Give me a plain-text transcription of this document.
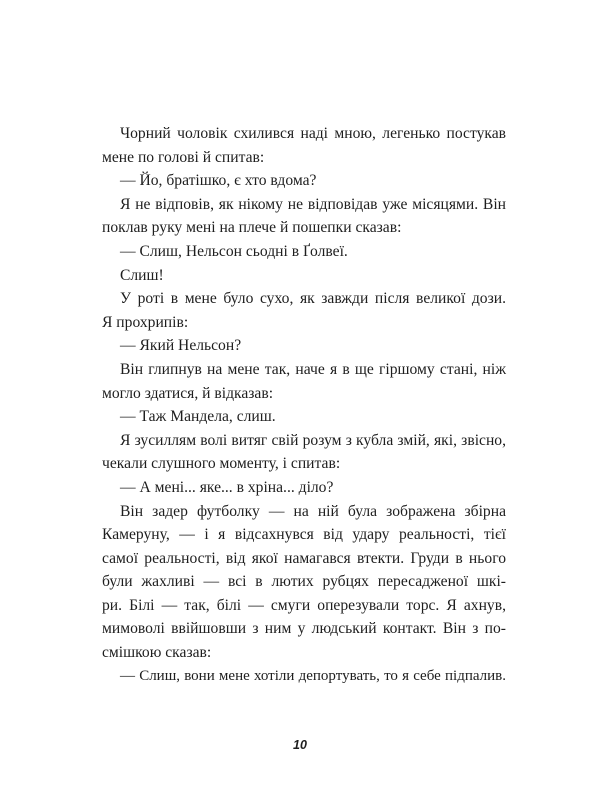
Чорний чоловік схилився наді мною, легенько постукав
мене по голові й спитав:
— Йо, братішко, є хто вдома?
Я не відповів, як нікому не відповідав уже місяцями. Він
поклав руку мені на плече й пошепки сказав:
— Слиш, Нельсон сьодні в Ґолвеї.
Слиш!
У роті в мене було сухо, як завжди після великої дози.
Я прохрипів:
— Який Нельсон?
Він глипнув на мене так, наче я в ще гіршому стані, ніж
могло здатися, й відказав:
— Таж Мандела, слиш.
Я зусиллям волі витяг свій розум з кубла змій, які, звісно,
чекали слушного моменту, і спитав:
— А мені... яке... в хріна... діло?
Він задер футболку — на ній була зображена збірна
Камеруну, — і я відсахнувся від удару реальності, тієї
самої реальності, від якої намагався втекти. Груди в нього
були жахливі — всі в лютих рубцях пересадженої шкі-
ри. Білі — так, білі — смуги оперезували торс. Я ахнув,
мимоволі ввійшовши з ним у людський контакт. Він з по-
смішкою сказав:
— Слиш, вони мене хотіли депортувать, то я себе підпалив.
10
